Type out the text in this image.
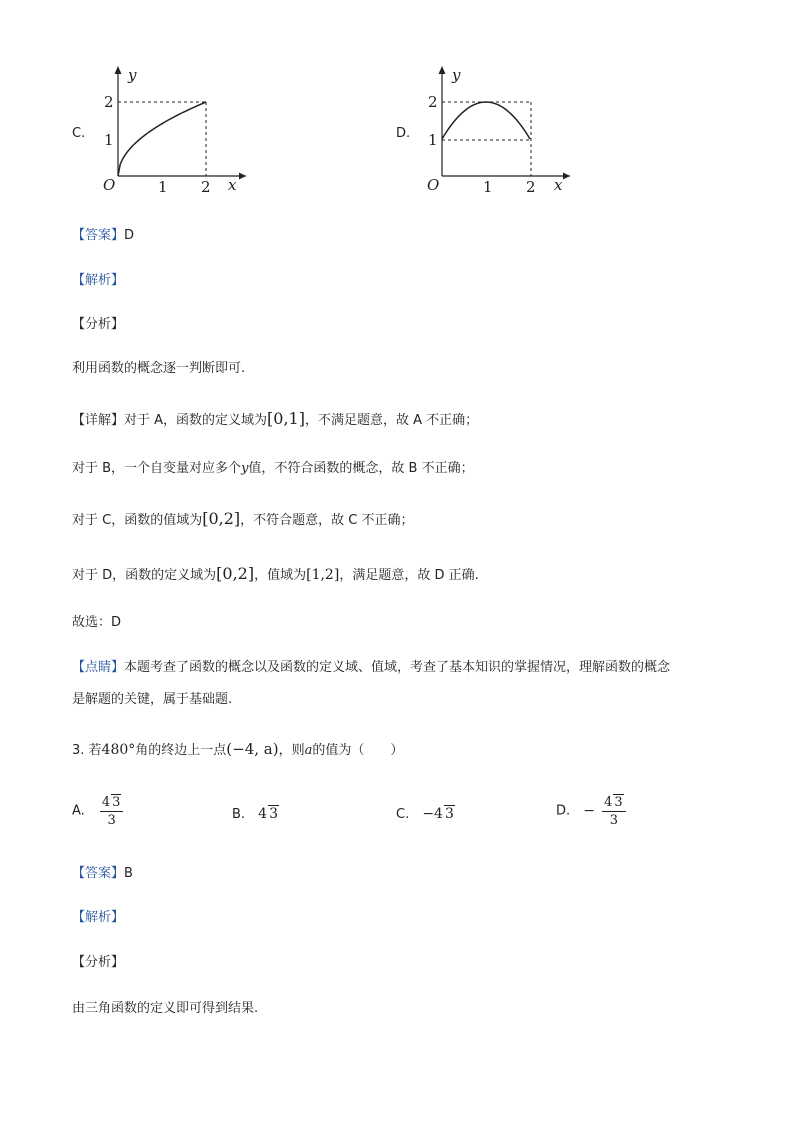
C.
y
x
O	1 2
1
2
D.
y
x
O	1 2
1
2
【答案】D
【解析】
【分析】
利用函数的概念逐一判断即可.
【详解】对于 A，函数的定义域为[0,1]，不满足题意，故 A 不正确；
对于 B，一个自变量对应多个y值，不符合函数的概念，故 B 不正确；
对于 C，函数的值域为[0,2]，不符合题意，故 C 不正确；
对于 D，函数的定义域为[0,2]，值域为[1,2]，满足题意，故 D 正确.
故选：D
【点睛】本题考查了函数的概念以及函数的定义域、值域，考查了基本知识的掌握情况，理解函数的概念
是解题的关键，属于基础题.
3. 若480°角的终边上一点(−4, a)，则a的值为（　　）
A. $\frac{4 3}{3}$	B. 4 3	C. −4 3	D. − $\frac{4 3}{3}$
【答案】B
【解析】
【分析】
由三角函数的定义即可得到结果.
